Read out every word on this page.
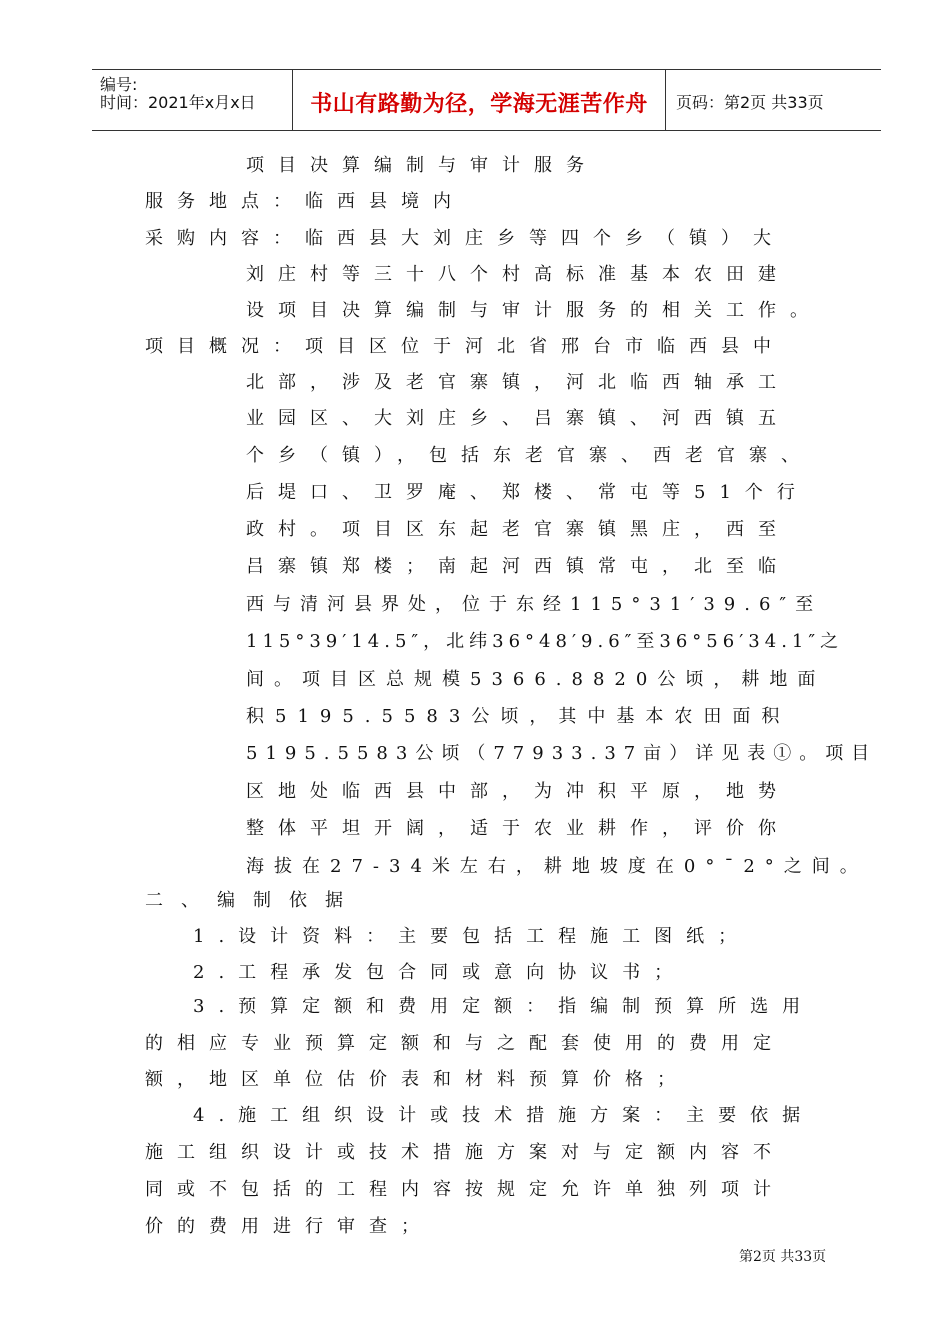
编号:
时间：2021年x月x日	书山有路勤为径，学海无涯苦作舟	页码：第2页 共33页
项目决算编制与审计服务
服务地点：临西县境内
采购内容：临西县大刘庄乡等四个乡（镇）大
刘庄村等三十八个村高标准基本农田建
设项目决算编制与审计服务的相关工作。
项目概况：项目区位于河北省邢台市临西县中
北部，涉及老官寨镇，河北临西轴承工
业园区、大刘庄乡、吕寨镇、河西镇五
个乡（镇），包括东老官寨、西老官寨、
后堤口、卫罗庵、郑楼、常屯等51个行
政村。项目区东起老官寨镇黑庄，西至
吕寨镇郑楼；南起河西镇常屯，北至临
西与清河县界处，位于东经115°31′39.6″至
115°39′14.5″，北纬36°48′9.6″至36°56′34.1″之
间。项目区总规模5366.8820公顷，耕地面
积5195.5583公顷，其中基本农田面积
5195.5583公顷（77933.37亩）详见表①。项目
区地处临西县中部，为冲积平原，地势
整体平坦开阔，适于农业耕作，评价你
海拔在27-34米左右，耕地坡度在0°¯2°之间。
二、编制依据
1.设计资料：主要包括工程施工图纸；
2.工程承发包合同或意向协议书；
3.预算定额和费用定额：指编制预算所选用
的相应专业预算定额和与之配套使用的费用定
额，地区单位估价表和材料预算价格；
4.施工组织设计或技术措施方案：主要依据
施工组织设计或技术措施方案对与定额内容不
同或不包括的工程内容按规定允许单独列项计
价的费用进行审查；
第2页 共33页
